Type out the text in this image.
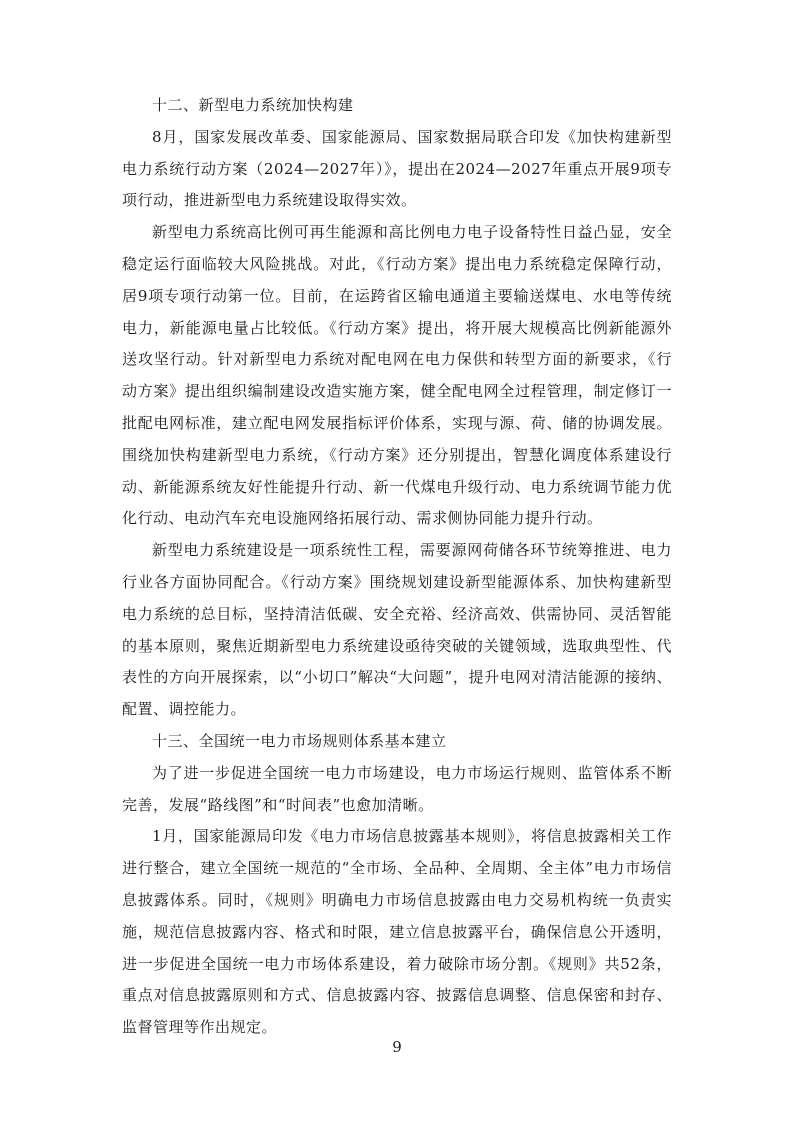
十二、新型电力系统加快构建

8月，国家发展改革委、国家能源局、国家数据局联合印发《加快构建新型电力系统行动方案（2024—2027年）》，提出在2024—2027年重点开展9项专项行动，推进新型电力系统建设取得实效。

新型电力系统高比例可再生能源和高比例电力电子设备特性日益凸显，安全稳定运行面临较大风险挑战。对此，《行动方案》提出电力系统稳定保障行动，居9项专项行动第一位。目前，在运跨省区输电通道主要输送煤电、水电等传统电力，新能源电量占比较低。《行动方案》提出，将开展大规模高比例新能源外送攻坚行动。针对新型电力系统对配电网在电力保供和转型方面的新要求，《行动方案》提出组织编制建设改造实施方案，健全配电网全过程管理，制定修订一批配电网标准，建立配电网发展指标评价体系，实现与源、荷、储的协调发展。围绕加快构建新型电力系统，《行动方案》还分别提出，智慧化调度体系建设行动、新能源系统友好性能提升行动、新一代煤电升级行动、电力系统调节能力优化行动、电动汽车充电设施网络拓展行动、需求侧协同能力提升行动。

新型电力系统建设是一项系统性工程，需要源网荷储各环节统筹推进、电力行业各方面协同配合。《行动方案》围绕规划建设新型能源体系、加快构建新型电力系统的总目标，坚持清洁低碳、安全充裕、经济高效、供需协同、灵活智能的基本原则，聚焦近期新型电力系统建设亟待突破的关键领域，选取典型性、代表性的方向开展探索，以“小切口”解决“大问题”，提升电网对清洁能源的接纳、配置、调控能力。

十三、全国统一电力市场规则体系基本建立

为了进一步促进全国统一电力市场建设，电力市场运行规则、监管体系不断完善，发展“路线图”和“时间表”也愈加清晰。

1月，国家能源局印发《电力市场信息披露基本规则》，将信息披露相关工作进行整合，建立全国统一规范的“全市场、全品种、全周期、全主体”电力市场信息披露体系。同时，《规则》明确电力市场信息披露由电力交易机构统一负责实施，规范信息披露内容、格式和时限，建立信息披露平台，确保信息公开透明，进一步促进全国统一电力市场体系建设，着力破除市场分割。《规则》共52条，重点对信息披露原则和方式、信息披露内容、披露信息调整、信息保密和封存、监督管理等作出规定。

9
